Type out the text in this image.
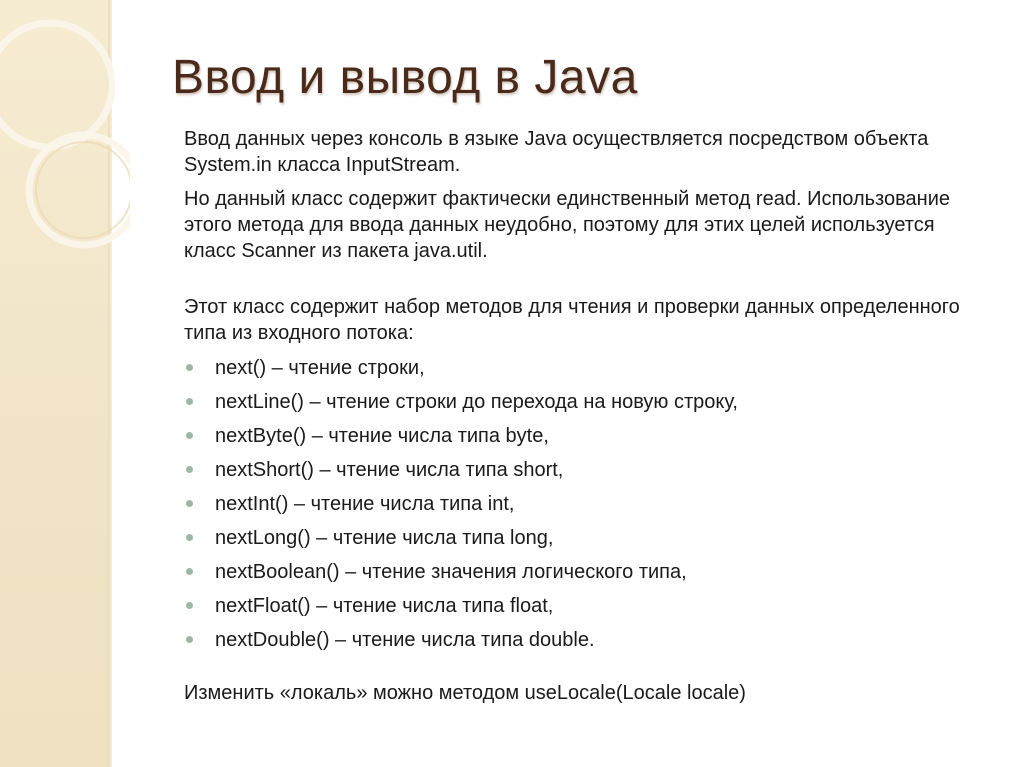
Ввод и вывод в Java

Ввод данных через консоль в языке Java осуществляется посредством объекта System.in класса InputStream.

Но данный класс содержит фактически единственный метод read. Использование этого метода для ввода данных неудобно, поэтому для этих целей используется класс Scanner из пакета java.util.

Этот класс содержит набор методов для чтения и проверки данных определенного типа из входного потока:

next() – чтение строки,
nextLine() – чтение строки до перехода на новую строку,
nextByte() – чтение числа типа byte,
nextShort() – чтение числа типа short,
nextInt() – чтение числа типа int,
nextLong() – чтение числа типа long,
nextBoolean() – чтение значения логического типа,
nextFloat() – чтение числа типа float,
nextDouble() – чтение числа типа double.

Изменить «локаль» можно методом useLocale(Locale locale)
